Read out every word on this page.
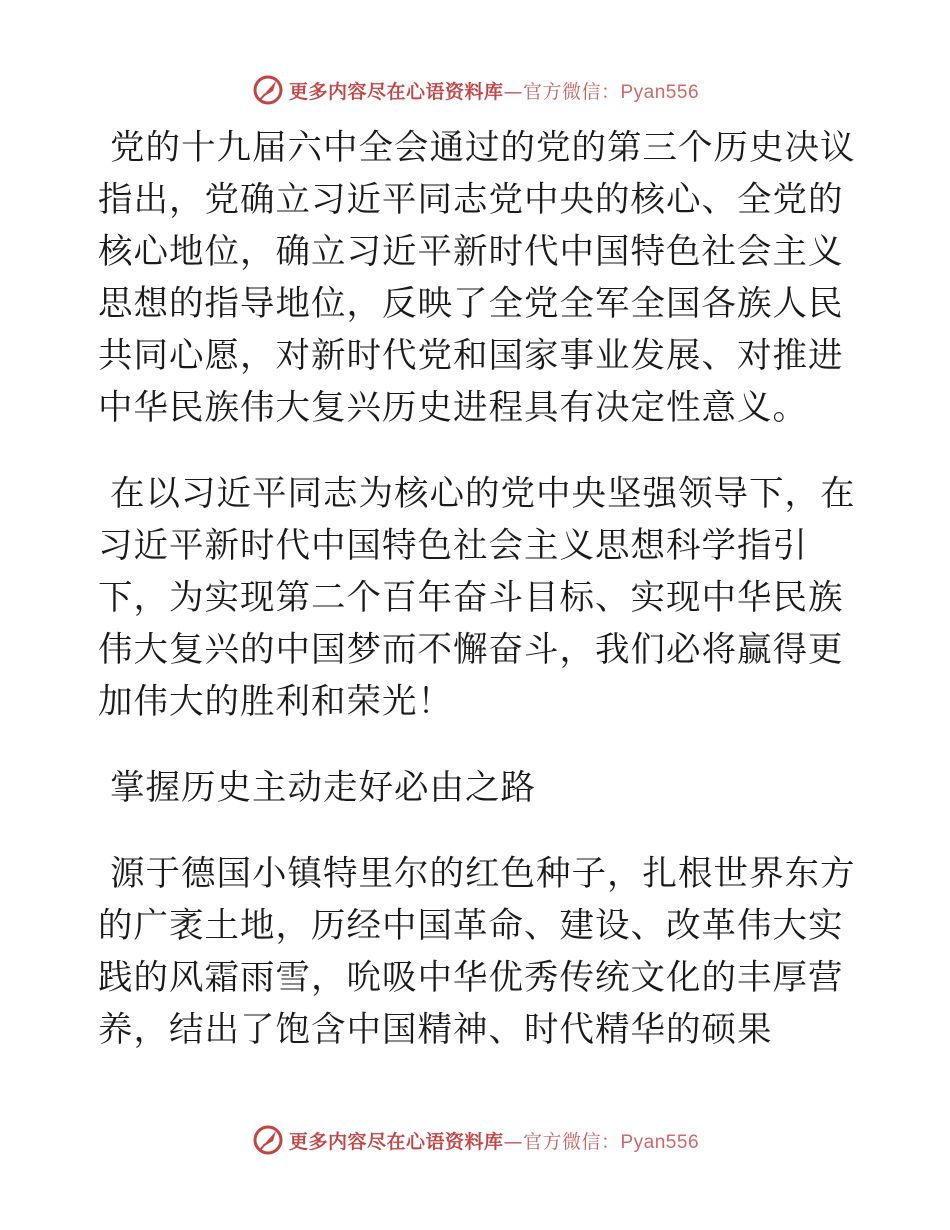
更多内容尽在心语资料库—官方微信：Pyan556

党的十九届六中全会通过的党的第三个历史决议指出，党确立习近平同志党中央的核心、全党的核心地位，确立习近平新时代中国特色社会主义思想的指导地位，反映了全党全军全国各族人民共同心愿，对新时代党和国家事业发展、对推进中华民族伟大复兴历史进程具有决定性意义。

在以习近平同志为核心的党中央坚强领导下，在习近平新时代中国特色社会主义思想科学指引下，为实现第二个百年奋斗目标、实现中华民族伟大复兴的中国梦而不懈奋斗，我们必将赢得更加伟大的胜利和荣光！

掌握历史主动走好必由之路

源于德国小镇特里尔的红色种子，扎根世界东方的广袤土地，历经中国革命、建设、改革伟大实践的风霜雨雪，吮吸中华优秀传统文化的丰厚营养，结出了饱含中国精神、时代精华的硕果

更多内容尽在心语资料库—官方微信：Pyan556
